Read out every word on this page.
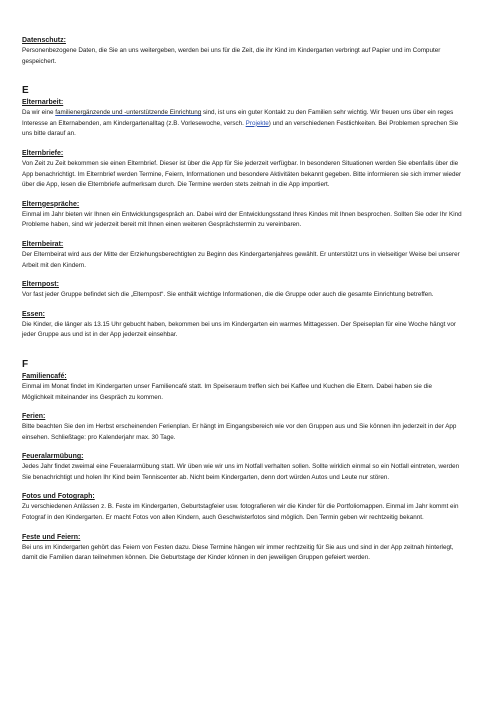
Datenschutz:

Personenbezogene Daten, die Sie an uns weitergeben, werden bei uns für die Zeit, die ihr Kind im Kindergarten verbringt auf Papier und im Computer gespeichert.

E

Elternarbeit:

Da wir eine familienergänzende und -unterstützende Einrichtung sind, ist uns ein guter Kontakt zu den Familien sehr wichtig. Wir freuen uns über ein reges Interesse an Elternabenden, am Kindergartenalltag (z.B. Vorlesewoche, versch. Projekte) und an verschiedenen Festlichkeiten. Bei Problemen sprechen Sie uns bitte darauf an.

Elternbriefe:

Von Zeit zu Zeit bekommen sie einen Elternbrief. Dieser ist über die App für Sie jederzeit verfügbar. In besonderen Situationen werden Sie ebenfalls über die App benachrichtigt. Im Elternbrief werden Termine, Feiern, Informationen und besondere Aktivitäten bekannt gegeben. Bitte informieren sie sich immer wieder über die App, lesen die Elternbriefe aufmerksam durch. Die Termine werden stets zeitnah in die App importiert.

Elterngespräche:

Einmal im Jahr bieten wir Ihnen ein Entwicklungsgespräch an. Dabei wird der Entwicklungsstand Ihres Kindes mit Ihnen besprochen. Sollten Sie oder Ihr Kind Probleme haben, sind wir jederzeit bereit mit Ihnen einen weiteren Gesprächstermin zu vereinbaren.

Elternbeirat:

Der Elternbeirat wird aus der Mitte der Erziehungsberechtigten zu Beginn des Kindergartenjahres gewählt. Er unterstützt uns in vielseitiger Weise bei unserer Arbeit mit den Kindern.

Elternpost:

Vor fast jeder Gruppe befindet sich die „Elternpost“. Sie enthält wichtige Informationen, die die Gruppe oder auch die gesamte Einrichtung betreffen.

Essen:

Die Kinder, die länger als 13.15 Uhr gebucht haben, bekommen bei uns im Kindergarten ein warmes Mittagessen. Der Speiseplan für eine Woche hängt vor jeder Gruppe aus und ist in der App jederzeit einsehbar.

F

Familiencafé:

Einmal im Monat findet im Kindergarten unser Familiencafé statt. Im Speiseraum treffen sich bei Kaffee und Kuchen die Eltern. Dabei haben sie die Möglichkeit miteinander ins Gespräch zu kommen.

Ferien:

Bitte beachten Sie den im Herbst erscheinenden Ferienplan. Er hängt im Eingangsbereich wie vor den Gruppen aus und Sie können ihn jederzeit in der App einsehen. Schließtage: pro Kalenderjahr max. 30 Tage.

Feueralarmübung:

Jedes Jahr findet zweimal eine Feueralarmübung statt. Wir üben wie wir uns im Notfall verhalten sollen. Sollte wirklich einmal so ein Notfall eintreten, werden Sie benachrichtigt und holen Ihr Kind beim Tenniscenter ab. Nicht beim Kindergarten, denn dort würden Autos und Leute nur stören.

Fotos und Fotograph:

Zu verschiedenen Anlässen z. B. Feste im Kindergarten, Geburtstagfeier usw. fotografieren wir die Kinder für die Portfoliomappen. Einmal im Jahr kommt ein Fotograf in den Kindergarten. Er macht Fotos von allen Kindern, auch Geschwisterfotos sind möglich. Den Termin geben wir rechtzeitig bekannt.

Feste und Feiern:

Bei uns im Kindergarten gehört das Feiern von Festen dazu. Diese Termine hängen wir immer rechtzeitig für Sie aus und sind in der App zeitnah hinterlegt, damit die Familien daran teilnehmen können. Die Geburtstage der Kinder können in den jeweiligen Gruppen gefeiert werden.
